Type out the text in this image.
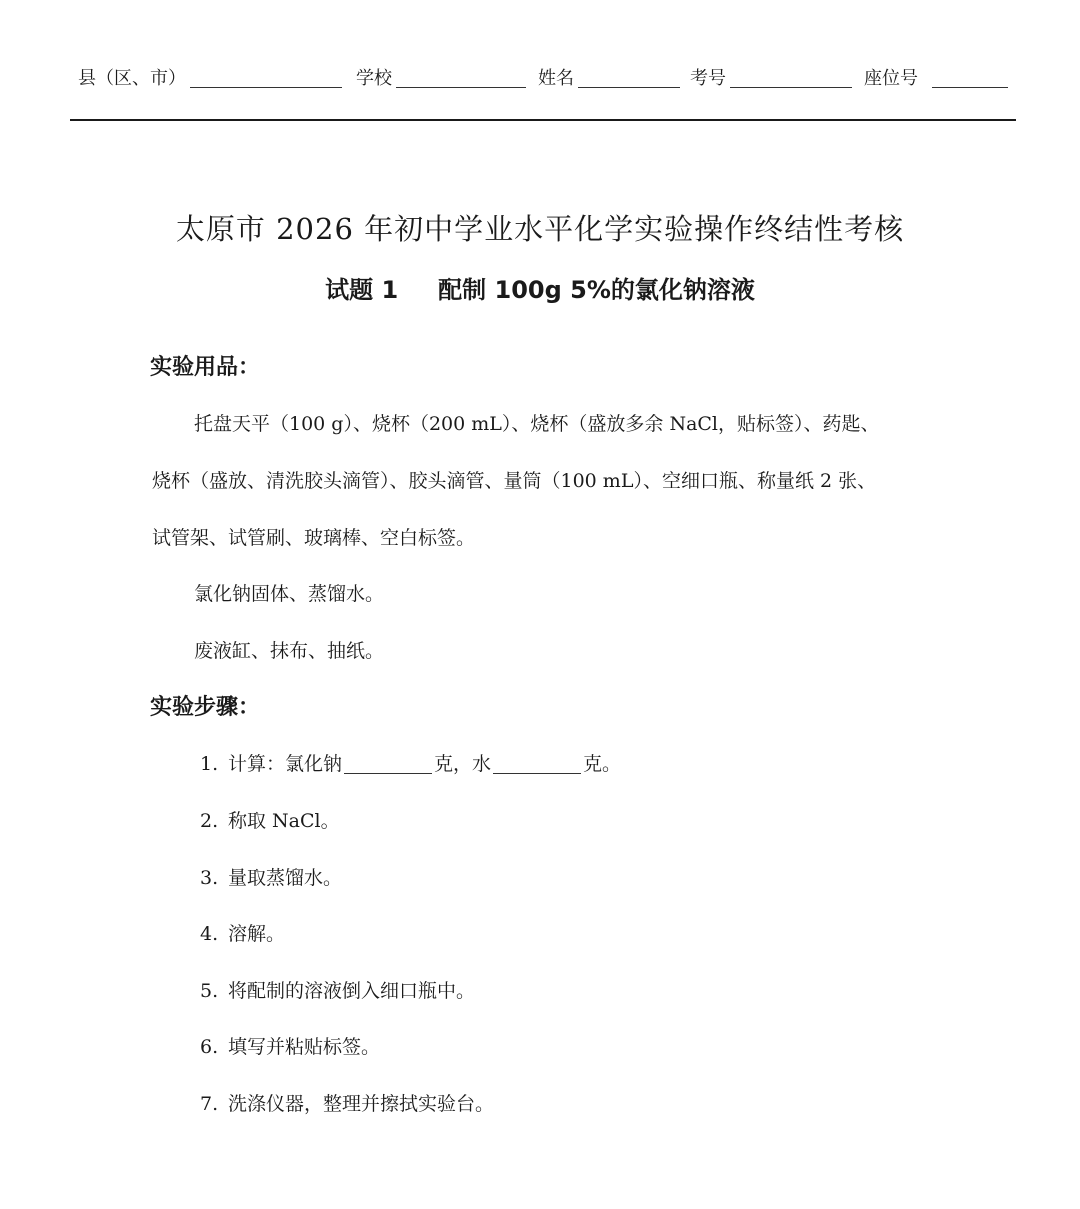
县（区、市）	学校	姓名	考号	座位号
太原市 2026 年初中学业水平化学实验操作终结性考核
试题 1 配制 100g 5%的氯化钠溶液
实验用品：
托盘天平（100 g）、烧杯（200 mL）、烧杯（盛放多余 NaCl，贴标签）、药匙、
烧杯（盛放、清洗胶头滴管）、胶头滴管、量筒（100 mL）、空细口瓶、称量纸 2 张、
试管架、试管刷、玻璃棒、空白标签。
氯化钠固体、蒸馏水。
废液缸、抹布、抽纸。
实验步骤：
1. 计算：氯化钠	克，水	克。
2. 称取 NaCl。
3. 量取蒸馏水。
4. 溶解。
5. 将配制的溶液倒入细口瓶中。
6. 填写并粘贴标签。
7. 洗涤仪器，整理并擦拭实验台。
